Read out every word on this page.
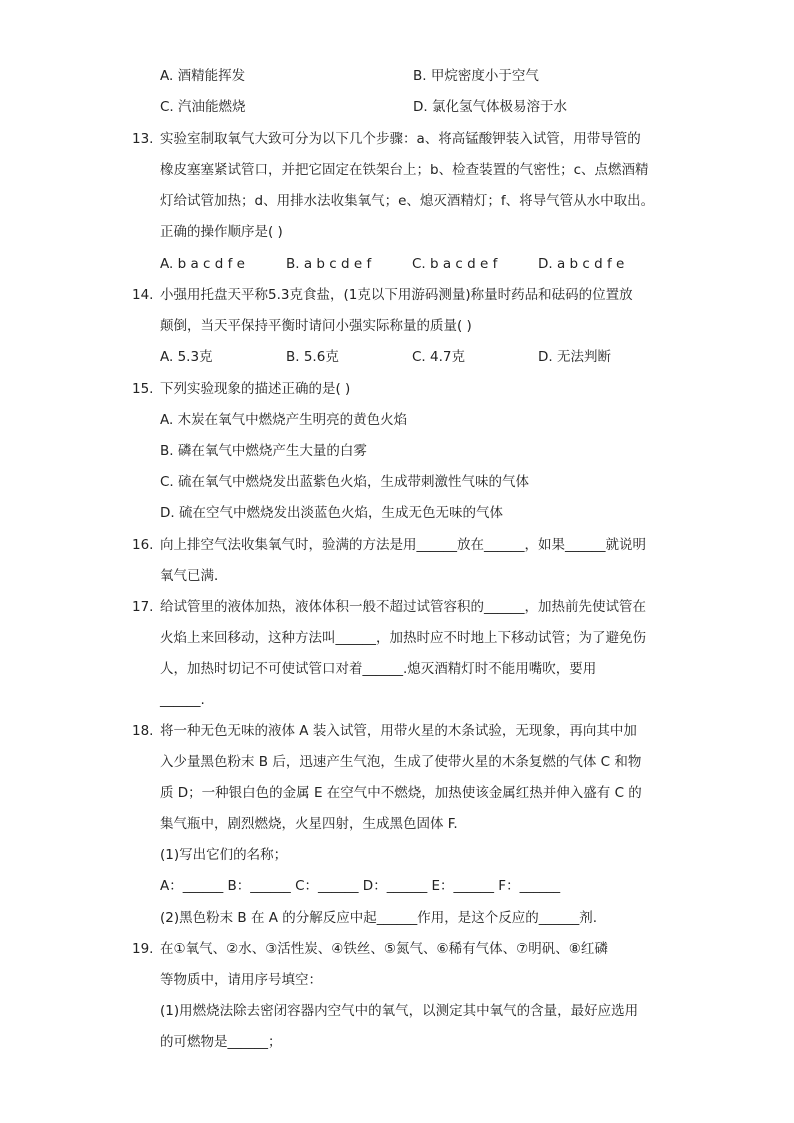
A. 酒精能挥发	B. 甲烷密度小于空气
C. 汽油能燃烧	D. 氯化氢气体极易溶于水
13. 实验室制取氧气大致可分为以下几个步骤：a、将高锰酸钾装入试管，用带导管的
橡皮塞塞紧试管口，并把它固定在铁架台上；b、检查装置的气密性；c、点燃酒精
灯给试管加热；d、用排水法收集氧气；e、熄灭酒精灯；f、将导气管从水中取出。
正确的操作顺序是( )
A. b a c d f e	B. a b c d e f	C. b a c d e f	D. a b c d f e
14. 小强用托盘天平称5.3克食盐，(1克以下用游码测量)称量时药品和砝码的位置放
颠倒，当天平保持平衡时请问小强实际称量的质量( )
A. 5.3克	B. 5.6克	C. 4.7克	D. 无法判断
15. 下列实验现象的描述正确的是( )
A. 木炭在氧气中燃烧产生明亮的黄色火焰
B. 磷在氧气中燃烧产生大量的白雾
C. 硫在氧气中燃烧发出蓝紫色火焰，生成带刺激性气味的气体
D. 硫在空气中燃烧发出淡蓝色火焰，生成无色无味的气体
16. 向上排空气法收集氧气时，验满的方法是用______放在______，如果______就说明
氧气已满．
17. 给试管里的液体加热，液体体积一般不超过试管容积的______，加热前先使试管在
火焰上来回移动，这种方法叫______，加热时应不时地上下移动试管；为了避免伤
人，加热时切记不可使试管口对着______.熄灭酒精灯时不能用嘴吹，要用
______.
18. 将一种无色无味的液体 A 装入试管，用带火星的木条试验，无现象，再向其中加
入少量黑色粉末 B 后，迅速产生气泡，生成了使带火星的木条复燃的气体 C 和物
质 D；一种银白色的金属 E 在空气中不燃烧，加热使该金属红热并伸入盛有 C 的
集气瓶中，剧烈燃烧，火星四射，生成黑色固体 F.
(1)写出它们的名称；
A：______ B：______ C：______ D：______ E：______ F：______
(2)黑色粉末 B 在 A 的分解反应中起______作用，是这个反应的______剂.
19. 在①氧气、②水、③活性炭、④铁丝、⑤氮气、⑥稀有气体、⑦明矾、⑧红磷
等物质中，请用序号填空：
(1)用燃烧法除去密闭容器内空气中的氧气，以测定其中氧气的含量，最好应选用
的可燃物是______；
